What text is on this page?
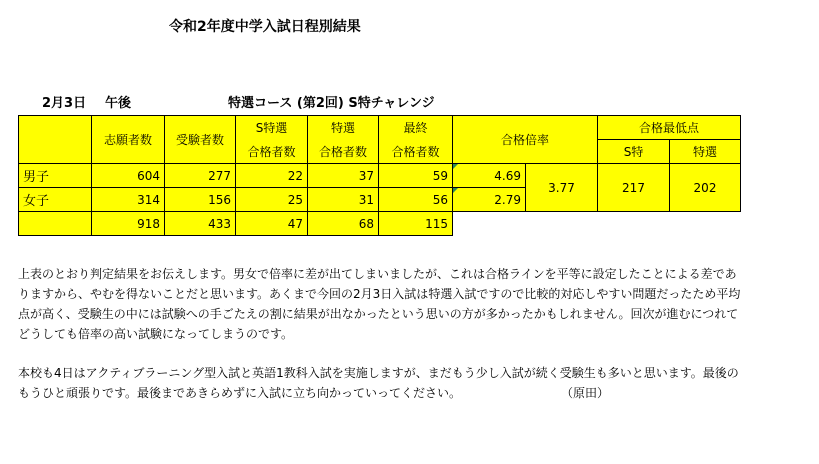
令和2年度中学入試日程別結果
2月3日 午後	特選コース (第2回) S特チャレンジ
	志願者数	受験者数	S特選	特選	最終	合格倍率		合格最低点	
			合格者数	合格者数	合格者数			S特	特選
男子	604	277	22	37	59	4.69	3.77	217	202
女子	314	156	25	31	56	2.79			
	918	433	47	68	115				
上表のとおり判定結果をお伝えします。男女で倍率に差が出てしまいましたが、これは合格ラインを平等に設定したことによる差でありますから、やむを得ないことだと思います。あくまで今回の2月3日入試は特選入試ですので比較的対応しやすい問題だったため平均点が高く、受験生の中には試験への手ごたえの割に結果が出なかったという思いの方が多かったかもしれません。回次が進むにつれてどうしても倍率の高い試験になってしまうのです。
本校も4日はアクティブラーニング型入試と英語1教科入試を実施しますが、まだもう少し入試が続く受験生も多いと思います。最後のもうひと頑張りです。最後まであきらめずに入試に立ち向かっていってください。	（原田）
